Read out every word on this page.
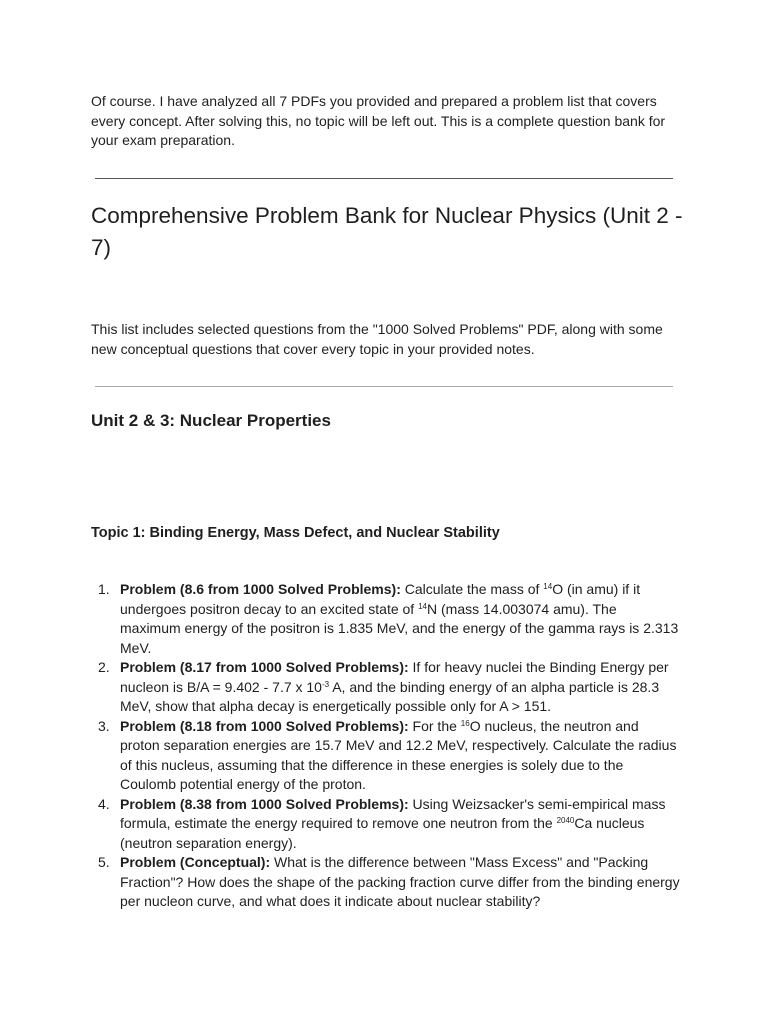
Of course. I have analyzed all 7 PDFs you provided and prepared a problem list that covers every concept. After solving this, no topic will be left out. This is a complete question bank for your exam preparation.

Comprehensive Problem Bank for Nuclear Physics (Unit 2 - 7)

This list includes selected questions from the "1000 Solved Problems" PDF, along with some new conceptual questions that cover every topic in your provided notes.

Unit 2 & 3: Nuclear Properties
Topic 1: Binding Energy, Mass Defect, and Nuclear Stability
1. Problem (8.6 from 1000 Solved Problems): Calculate the mass of $^{14}$O (in amu) if it undergoes positron decay to an excited state of $^{14}$N (mass 14.003074 amu). The maximum energy of the positron is 1.835 MeV, and the energy of the gamma rays is 2.313 MeV.
2. Problem (8.17 from 1000 Solved Problems): If for heavy nuclei the Binding Energy per nucleon is B/A = 9.402 - 7.7 x $10^{-3}$ A, and the binding energy of an alpha particle is 28.3 MeV, show that alpha decay is energetically possible only for A > 151.
3. Problem (8.18 from 1000 Solved Problems): For the $^{16}$O nucleus, the neutron and proton separation energies are 15.7 MeV and 12.2 MeV, respectively. Calculate the radius of this nucleus, assuming that the difference in these energies is solely due to the Coulomb potential energy of the proton.
4. Problem (8.38 from 1000 Solved Problems): Using Weizsacker's semi-empirical mass formula, estimate the energy required to remove one neutron from the $^{2040}$Ca nucleus (neutron separation energy).
5. Problem (Conceptual): What is the difference between "Mass Excess" and "Packing Fraction"? How does the shape of the packing fraction curve differ from the binding energy per nucleon curve, and what does it indicate about nuclear stability?
